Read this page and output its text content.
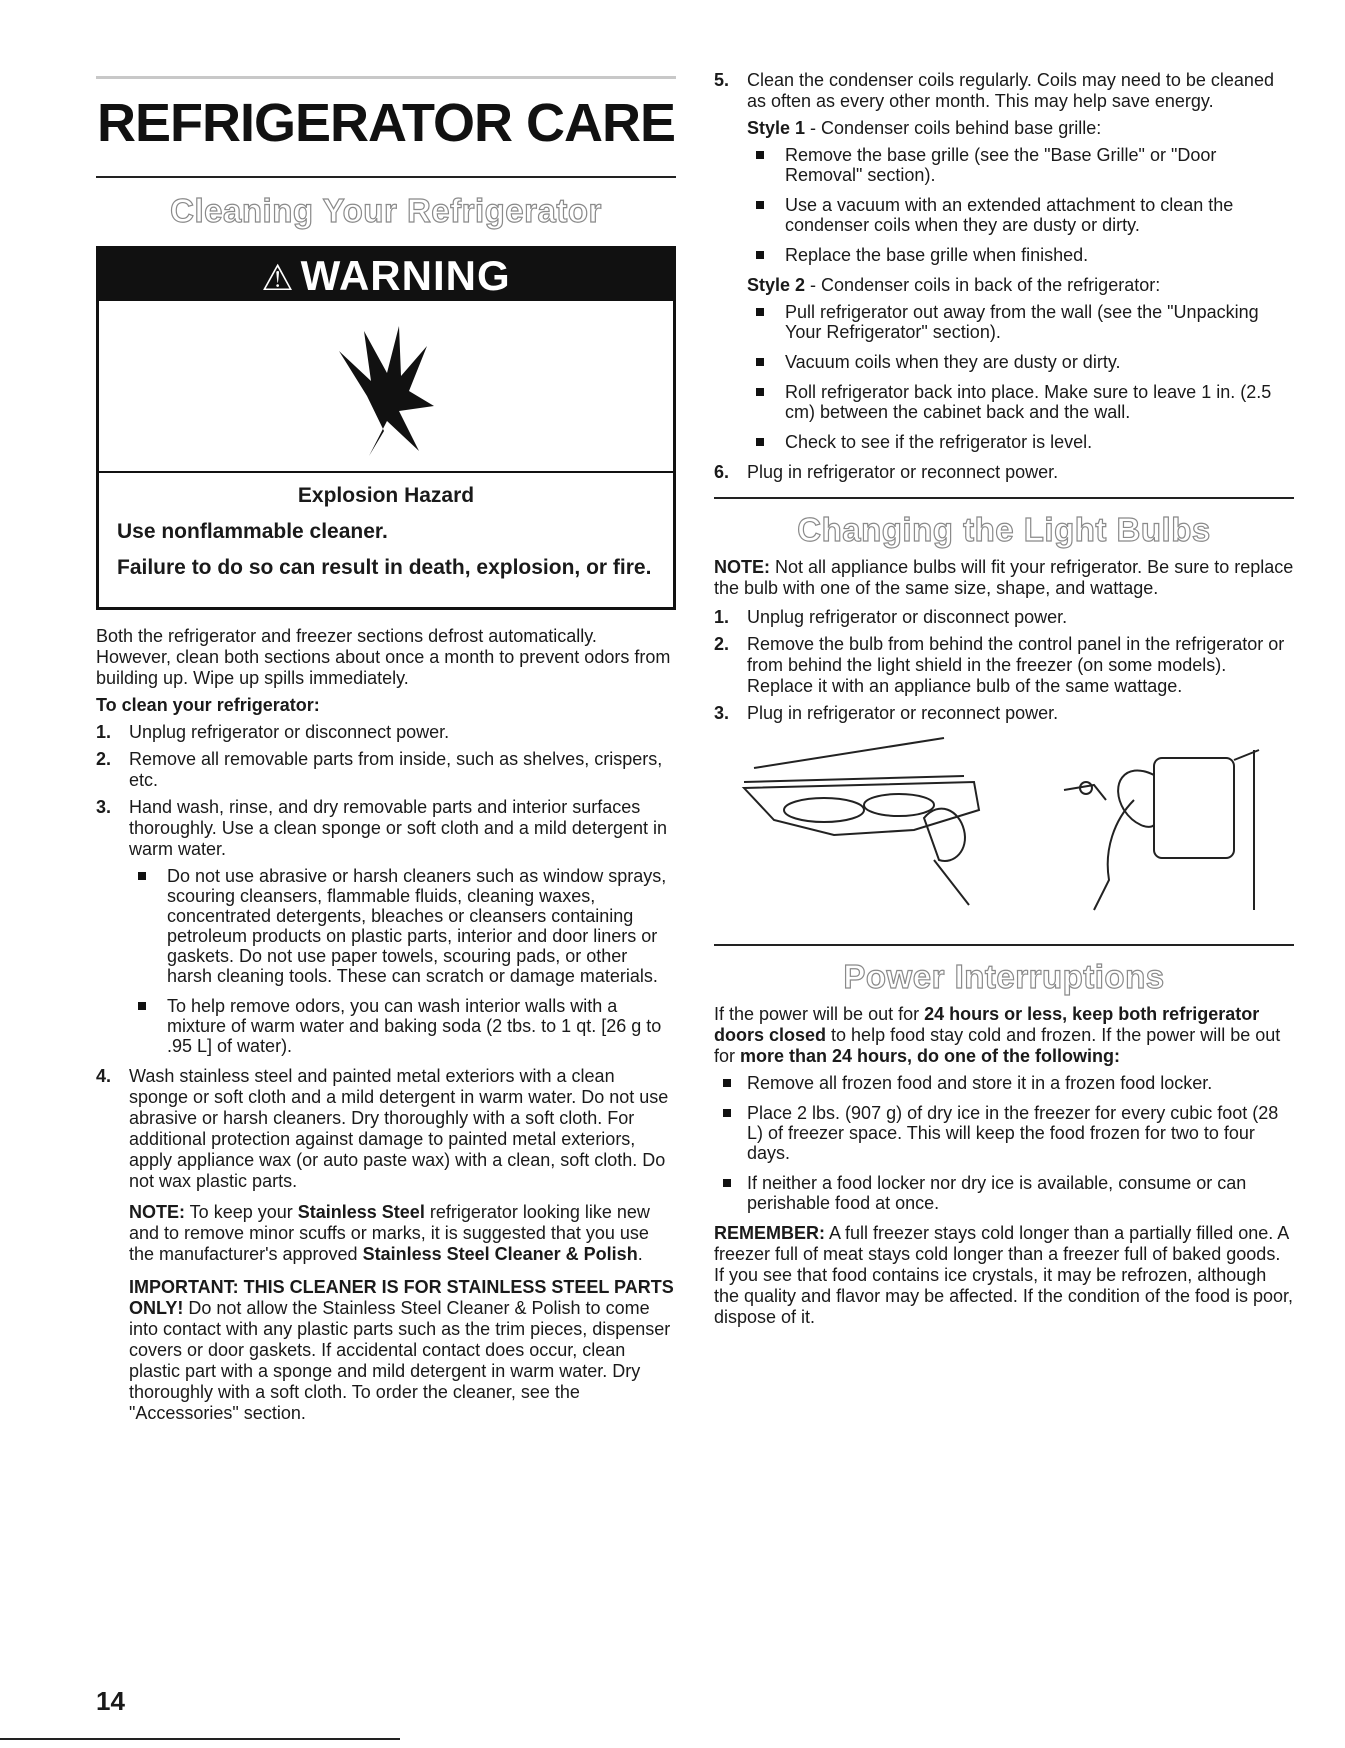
REFRIGERATOR CARE
Cleaning Your Refrigerator
⚠ WARNING
Explosion Hazard

Use nonflammable cleaner.

Failure to do so can result in death, explosion, or fire.

Both the refrigerator and freezer sections defrost automatically. However, clean both sections about once a month to prevent odors from building up. Wipe up spills immediately.

To clean your refrigerator:
1. Unplug refrigerator or disconnect power.
2. Remove all removable parts from inside, such as shelves, crispers, etc.
3. Hand wash, rinse, and dry removable parts and interior surfaces thoroughly. Use a clean sponge or soft cloth and a mild detergent in warm water.
Do not use abrasive or harsh cleaners such as window sprays, scouring cleansers, flammable fluids, cleaning waxes, concentrated detergents, bleaches or cleansers containing petroleum products on plastic parts, interior and door liners or gaskets. Do not use paper towels, scouring pads, or other harsh cleaning tools. These can scratch or damage materials.
To help remove odors, you can wash interior walls with a mixture of warm water and baking soda (2 tbs. to 1 qt. [26 g to .95 L] of water).
4. Wash stainless steel and painted metal exteriors with a clean sponge or soft cloth and a mild detergent in warm water. Do not use abrasive or harsh cleaners. Dry thoroughly with a soft cloth. For additional protection against damage to painted metal exteriors, apply appliance wax (or auto paste wax) with a clean, soft cloth. Do not wax plastic parts.

NOTE: To keep your Stainless Steel refrigerator looking like new and to remove minor scuffs or marks, it is suggested that you use the manufacturer's approved Stainless Steel Cleaner & Polish.

IMPORTANT: THIS CLEANER IS FOR STAINLESS STEEL PARTS ONLY! Do not allow the Stainless Steel Cleaner & Polish to come into contact with any plastic parts such as the trim pieces, dispenser covers or door gaskets. If accidental contact does occur, clean plastic part with a sponge and mild detergent in warm water. Dry thoroughly with a soft cloth. To order the cleaner, see the "Accessories" section.

5. Clean the condenser coils regularly. Coils may need to be cleaned as often as every other month. This may help save energy.
Style 1 - Condenser coils behind base grille:
Remove the base grille (see the "Base Grille" or "Door Removal" section).
Use a vacuum with an extended attachment to clean the condenser coils when they are dusty or dirty.
Replace the base grille when finished.
Style 2 - Condenser coils in back of the refrigerator:
Pull refrigerator out away from the wall (see the "Unpacking Your Refrigerator" section).
Vacuum coils when they are dusty or dirty.
Roll refrigerator back into place. Make sure to leave 1 in. (2.5 cm) between the cabinet back and the wall.
Check to see if the refrigerator is level.
6. Plug in refrigerator or reconnect power.
Changing the Light Bulbs

NOTE: Not all appliance bulbs will fit your refrigerator. Be sure to replace the bulb with one of the same size, shape, and wattage.

1. Unplug refrigerator or disconnect power.
2. Remove the bulb from behind the control panel in the refrigerator or from behind the light shield in the freezer (on some models). Replace it with an appliance bulb of the same wattage.
3. Plug in refrigerator or reconnect power.
Power Interruptions

If the power will be out for 24 hours or less, keep both refrigerator doors closed to help food stay cold and frozen. If the power will be out for more than 24 hours, do one of the following:

Remove all frozen food and store it in a frozen food locker.
Place 2 lbs. (907 g) of dry ice in the freezer for every cubic foot (28 L) of freezer space. This will keep the food frozen for two to four days.
If neither a food locker nor dry ice is available, consume or can perishable food at once.

REMEMBER: A full freezer stays cold longer than a partially filled one. A freezer full of meat stays cold longer than a freezer full of baked goods. If you see that food contains ice crystals, it may be refrozen, although the quality and flavor may be affected. If the condition of the food is poor, dispose of it.

14
